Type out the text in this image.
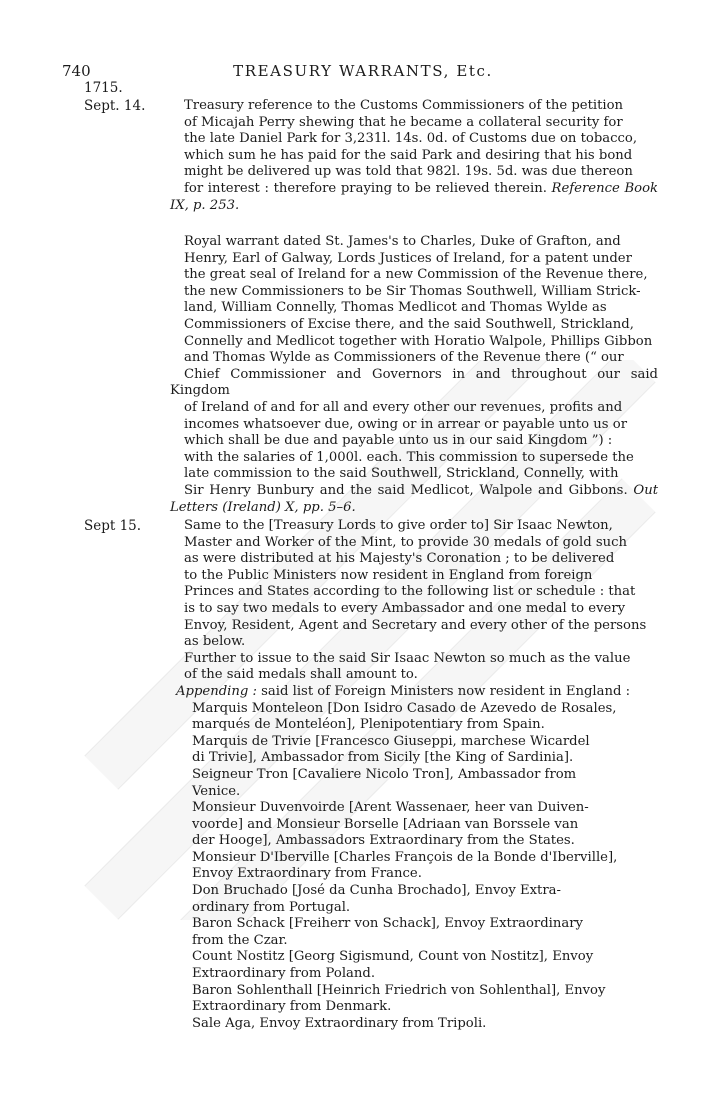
740	TREASURY WARRANTS, Etc.
1715.
Sept. 14.	Treasury reference to the Customs Commissioners of the petition
of Micajah Perry shewing that he became a collateral security for
the late Daniel Park for 3,231l. 14s. 0d. of Customs due on tobacco,
which sum he has paid for the said Park and desiring that his bond
might be delivered up was told that 982l. 19s. 5d. was due thereon
for interest : therefore praying to be relieved therein. Reference Book IX, p. 253.

Royal warrant dated St. James's to Charles, Duke of Grafton, and
Henry, Earl of Galway, Lords Justices of Ireland, for a patent under
the great seal of Ireland for a new Commission of the Revenue there,
the new Commissioners to be Sir Thomas Southwell, William Strick-
land, William Connelly, Thomas Medlicot and Thomas Wylde as
Commissioners of Excise there, and the said Southwell, Strickland,
Connelly and Medlicot together with Horatio Walpole, Phillips Gibbon
and Thomas Wylde as Commissioners of the Revenue there (“ our
Chief Commissioner and Governors in and throughout our said Kingdom
of Ireland of and for all and every other our revenues, profits and
incomes whatsoever due, owing or in arrear or payable unto us or
which shall be due and payable unto us in our said Kingdom ”) :
with the salaries of 1,000l. each. This commission to supersede the
late commission to the said Southwell, Strickland, Connelly, with
Sir Henry Bunbury and the said Medlicot, Walpole and Gibbons. Out Letters (Ireland) X, pp. 5–6.

Sept 15.	Same to the [Treasury Lords to give order to] Sir Isaac Newton,
Master and Worker of the Mint, to provide 30 medals of gold such
as were distributed at his Majesty's Coronation ; to be delivered
to the Public Ministers now resident in England from foreign
Princes and States according to the following list or schedule : that
is to say two medals to every Ambassador and one medal to every
Envoy, Resident, Agent and Secretary and every other of the persons
as below.

Further to issue to the said Sir Isaac Newton so much as the value
of the said medals shall amount to.

Appending : said list of Foreign Ministers now resident in England :
Marquis Monteleon [Don Isidro Casado de Azevedo de Rosales,
marqués de Monteléon], Plenipotentiary from Spain.
Marquis de Trivie [Francesco Giuseppi, marchese Wicardel
di Trivie], Ambassador from Sicily [the King of Sardinia].
Seigneur Tron [Cavaliere Nicolo Tron], Ambassador from
Venice.
Monsieur Duvenvoirde [Arent Wassenaer, heer van Duiven-
voorde] and Monsieur Borselle [Adriaan van Borssele van
der Hooge], Ambassadors Extraordinary from the States.
Monsieur D'Iberville [Charles François de la Bonde d'Iberville],
Envoy Extraordinary from France.
Don Bruchado [José da Cunha Brochado], Envoy Extra-
ordinary from Portugal.
Baron Schack [Freiherr von Schack], Envoy Extraordinary
from the Czar.
Count Nostitz [Georg Sigismund, Count von Nostitz], Envoy
Extraordinary from Poland.
Baron Sohlenthall [Heinrich Friedrich von Sohlenthal], Envoy
Extraordinary from Denmark.
Sale Aga, Envoy Extraordinary from Tripoli.
